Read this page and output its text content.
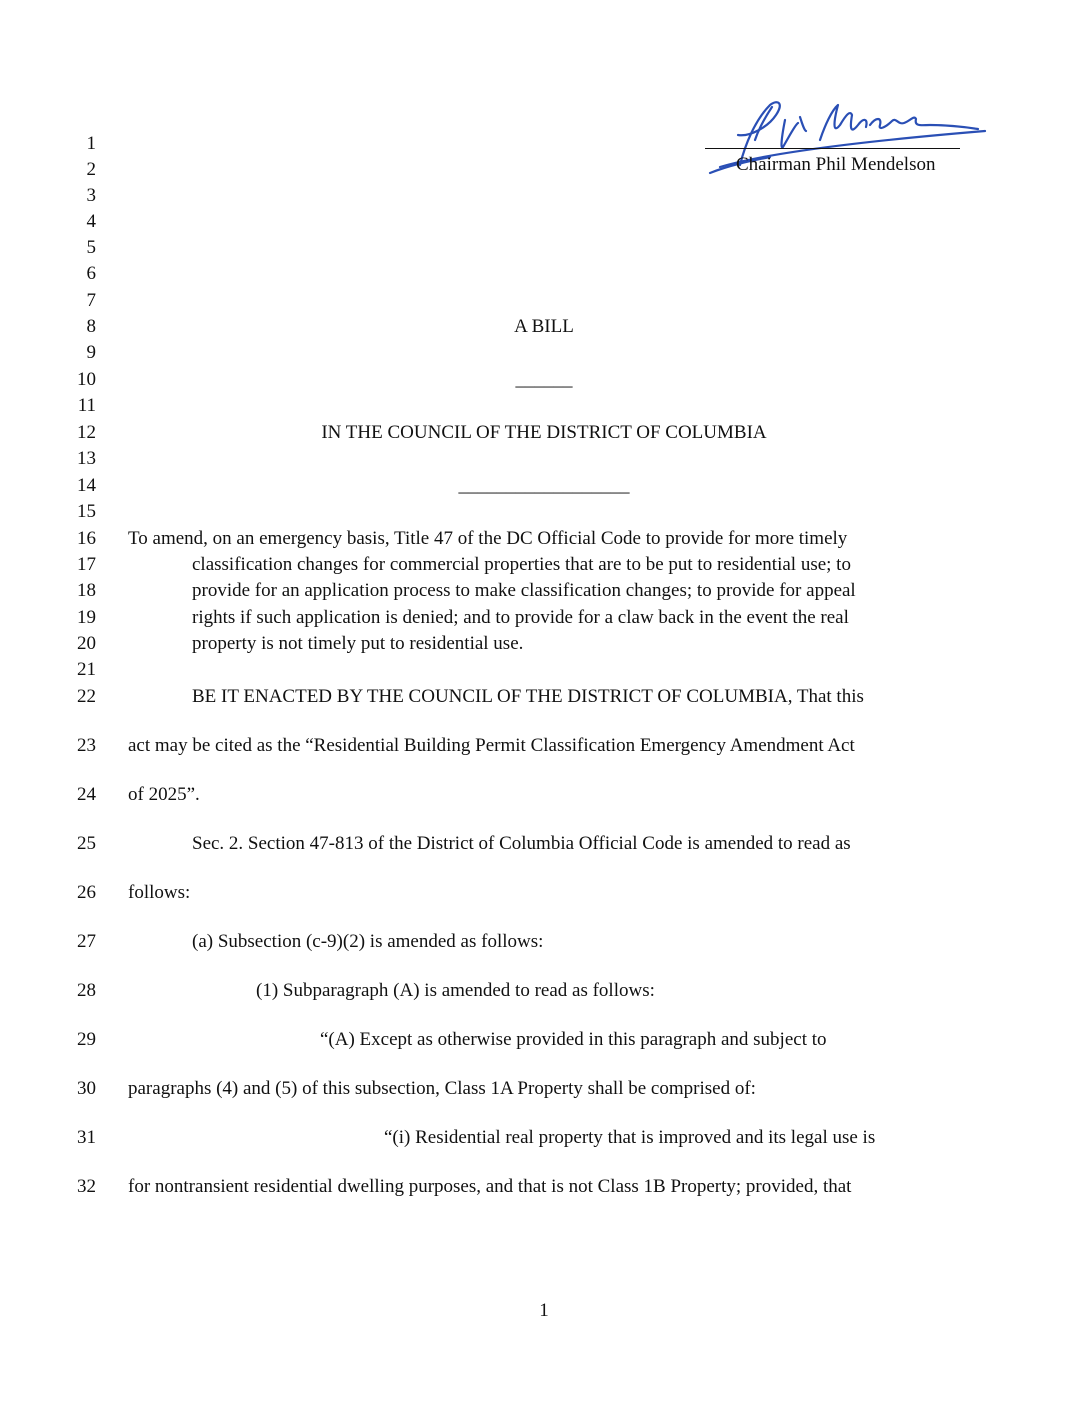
Chairman Phil Mendelson
1
2
3
4
5
6
7
8
9
10
11
12
13
14
15
16
17
18
19
20
21
22
23
24
25
26
27
28
29
30
31
32
A BILL
______
IN THE COUNCIL OF THE DISTRICT OF COLUMBIA
__________________
To amend, on an emergency basis, Title 47 of the DC Official Code to provide for more timely
classification changes for commercial properties that are to be put to residential use; to
provide for an application process to make classification changes; to provide for appeal
rights if such application is denied; and to provide for a claw back in the event the real
property is not timely put to residential use.
BE IT ENACTED BY THE COUNCIL OF THE DISTRICT OF COLUMBIA, That this
act may be cited as the “Residential Building Permit Classification Emergency Amendment Act
of 2025”.
Sec. 2. Section 47-813 of the District of Columbia Official Code is amended to read as
follows:
(a) Subsection (c-9)(2) is amended as follows:
(1) Subparagraph (A) is amended to read as follows:
“(A) Except as otherwise provided in this paragraph and subject to
paragraphs (4) and (5) of this subsection, Class 1A Property shall be comprised of:
“(i) Residential real property that is improved and its legal use is
for nontransient residential dwelling purposes, and that is not Class 1B Property; provided, that
1
